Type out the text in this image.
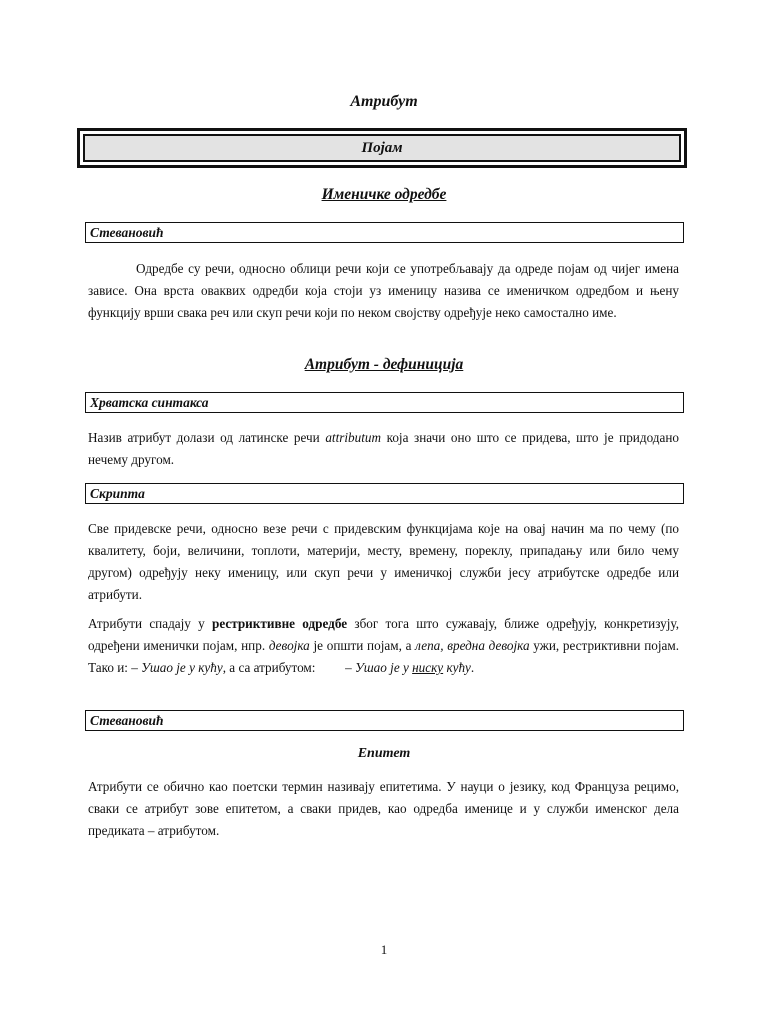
Атрибут
Појам
Именичке одредбе
Стевановић

Одредбе су речи, односно облици речи који се употребљавају да одреде појам од чијег имена зависе. Она врста оваквих одредби која стоји уз именицу назива се именичком одредбом и њену функцију врши свака реч или скуп речи који по неком својству одређује неко самостално име.

Атрибут - дефиниција
Хрватска синтакса

Назив атрибут долази од латинске речи attributum која значи оно што се придева, што је придодано нечему другом.

Скрипта

Све придевске речи, односно везе речи с придевским функцијама које на овај начин ма по чему (по квалитету, боји, величини, топлоти, материји, месту, времену, пореклу, припадању или било чему другом) одређују неку именицу, или скуп речи у именичкој служби јесу атрибутске одредбе или атрибути.

Атрибути спадају у рестриктивне одредбе због тога што сужавају, ближе одређују, конкретизују, одређени именички појам, нпр. девојка је општи појам, а лепа, вредна девојка ужи, рестриктивни појам. Тако и: – Ушао је у кућу, а са атрибутом:         – Ушао је у ниску кућу.

Стевановић
Епитет

Атрибути се обично као поетски термин називају епитетима. У науци о језику, код Француза рецимо, сваки се атрибут зове епитетом, а сваки придев, као одредба именице и у служби именског дела предиката – атрибутом.

1
